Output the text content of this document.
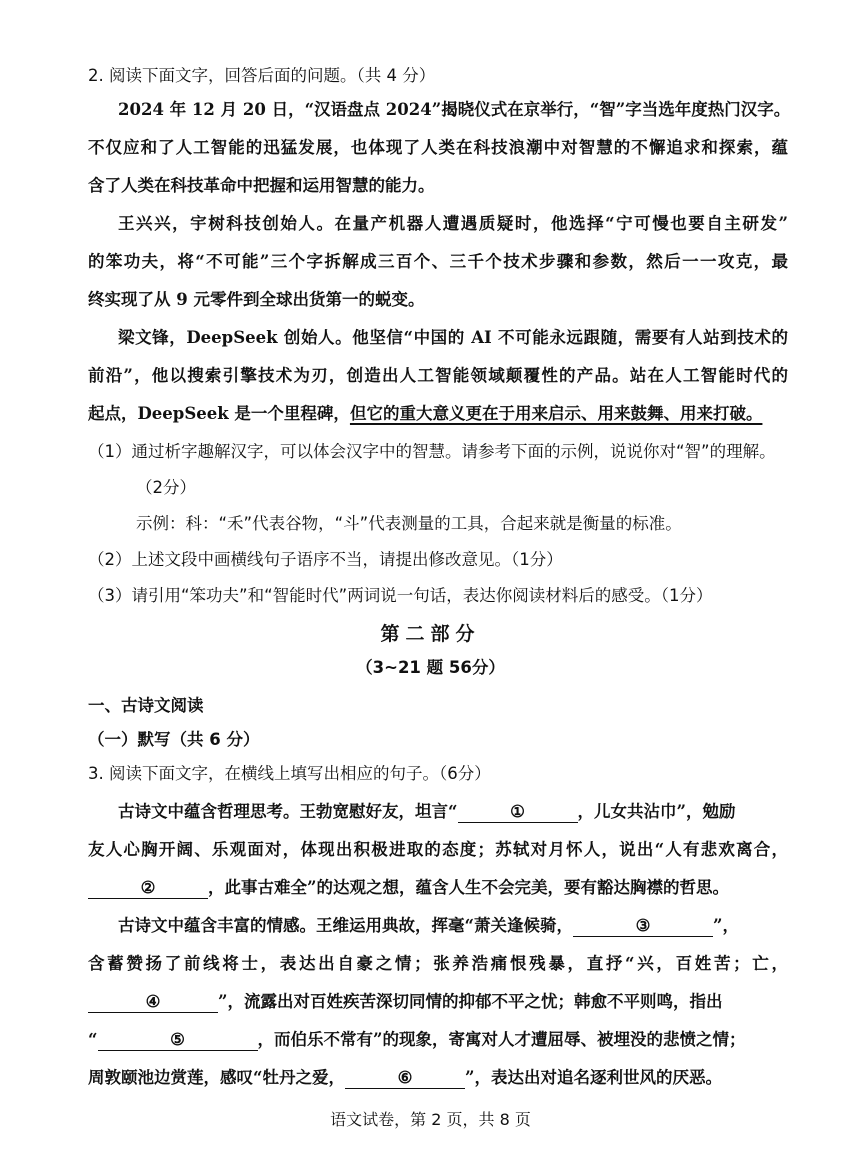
2. 阅读下面文字，回答后面的问题。（共 4 分）
2024 年 12 月 20 日，“汉语盘点 2024”揭晓仪式在京举行，“智”字当选年度热门汉字。
不仅应和了人工智能的迅猛发展，也体现了人类在科技浪潮中对智慧的不懈追求和探索，蕴
含了人类在科技革命中把握和运用智慧的能力。
王兴兴，宇树科技创始人。在量产机器人遭遇质疑时，他选择“宁可慢也要自主研发”
的笨功夫，将“不可能”三个字拆解成三百个、三千个技术步骤和参数，然后一一攻克，最
终实现了从 9 元零件到全球出货第一的蜕变。
梁文锋，DeepSeek 创始人。他坚信“中国的 AI 不可能永远跟随，需要有人站到技术的
前沿”，他以搜索引擎技术为刃，创造出人工智能领域颠覆性的产品。站在人工智能时代的
起点，DeepSeek 是一个里程碑，但它的重大意义更在于用来启示、用来鼓舞、用来打破。
（1）通过析字趣解汉字，可以体会汉字中的智慧。请参考下面的示例，说说你对“智”的理解。
（2分）
示例：科：“禾”代表谷物，“斗”代表测量的工具，合起来就是衡量的标准。
（2）上述文段中画横线句子语序不当，请提出修改意见。（1分）
（3）请引用“笨功夫”和“智能时代”两词说一句话，表达你阅读材料后的感受。（1分）
第二部分
（3~21 题 56分）
一、古诗文阅读
（一）默写（共 6 分）
3. 阅读下面文字，在横线上填写出相应的句子。（6分）
古诗文中蕴含哲理思考。王勃宽慰好友，坦言“	①	，儿女共沾巾”，勉励
友人心胸开阔、乐观面对，体现出积极进取的态度；苏轼对月怀人，说出“人有悲欢离合，
②	，此事古难全”的达观之想，蕴含人生不会完美，要有豁达胸襟的哲思。
古诗文中蕴含丰富的情感。王维运用典故，挥毫“萧关逢候骑，	③	”，
含蓄赞扬了前线将士，表达出自豪之情；张养浩痛恨残暴，直抒“兴，百姓苦；亡，
④	”，流露出对百姓疾苦深切同情的抑郁不平之忧；韩愈不平则鸣，指出
“	⑤	，而伯乐不常有”的现象，寄寓对人才遭屈辱、被埋没的悲愤之情；
周敦颐池边赏莲，感叹“牡丹之爱，	⑥	”，表达出对追名逐利世风的厌恶。
语文试卷，第 2 页，共 8 页
